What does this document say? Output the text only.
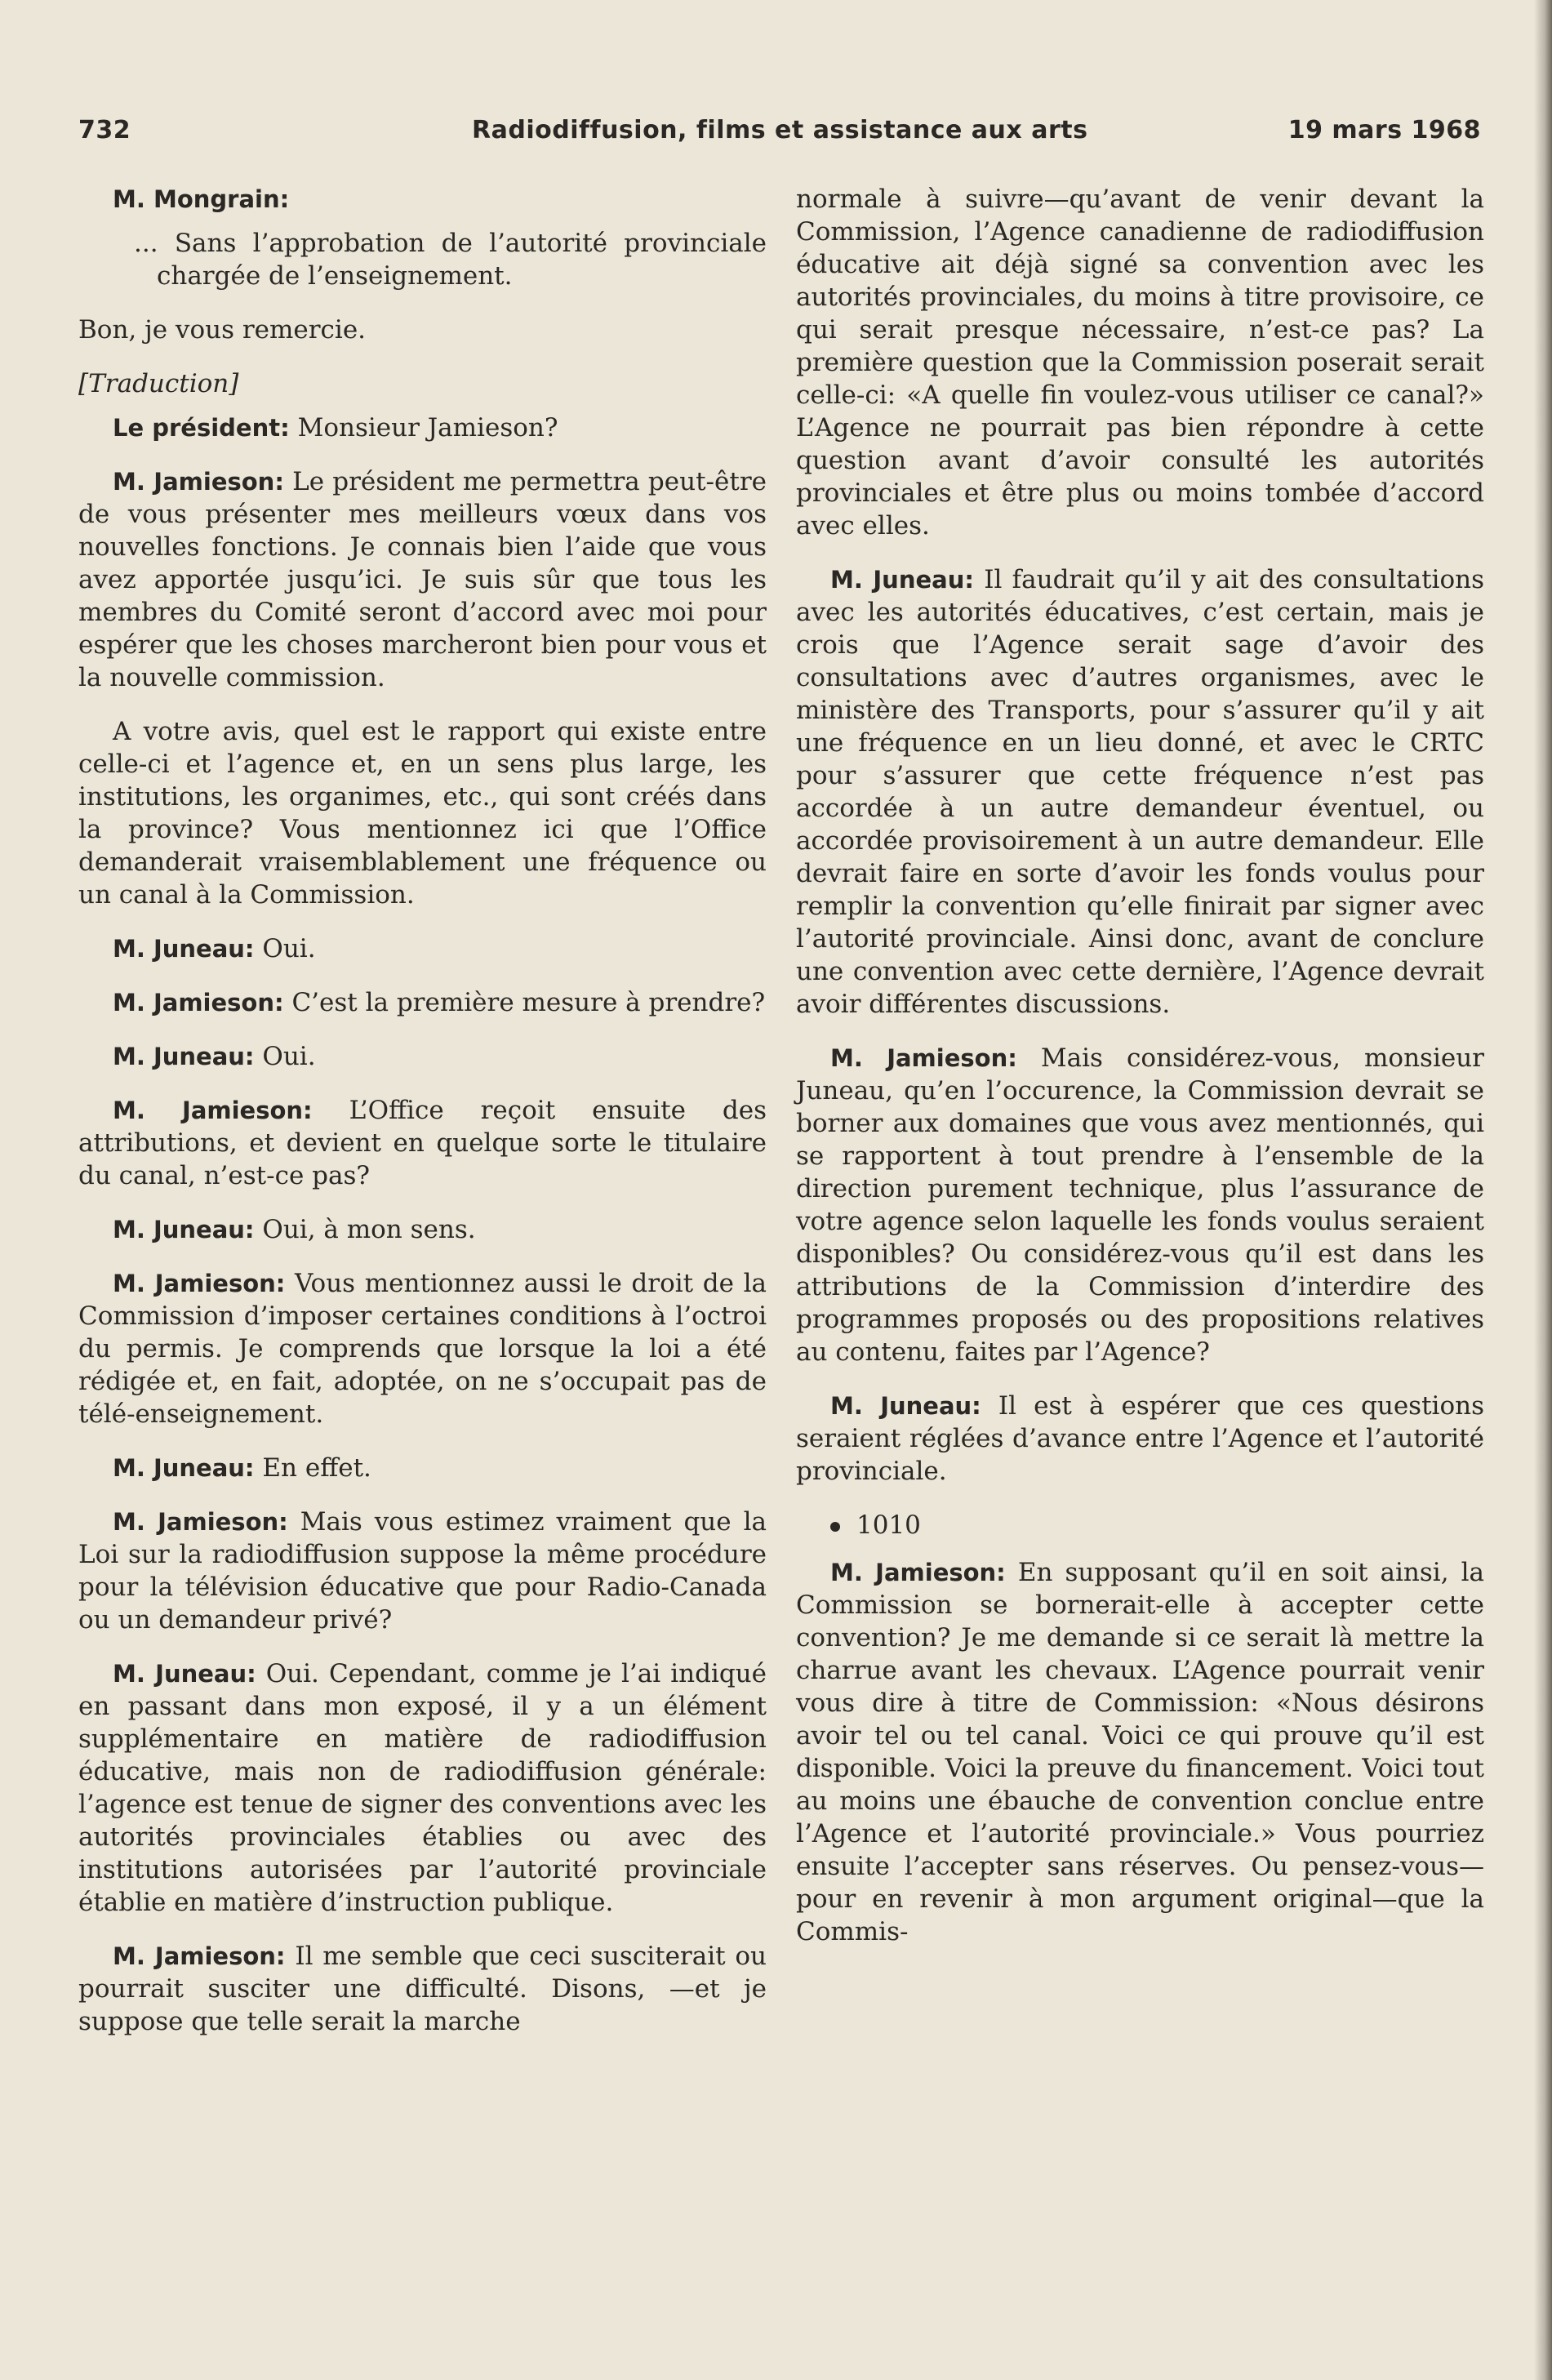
732	Radiodiffusion, films et assistance aux arts	19 mars 1968

M. Mongrain:

... Sans l’approbation de l’autorité provinciale chargée de l’enseignement.

Bon, je vous remercie.

[Traduction]

Le président: Monsieur Jamieson?

M. Jamieson: Le président me permettra peut-être de vous présenter mes meilleurs vœux dans vos nouvelles fonctions. Je connais bien l’aide que vous avez apportée jusqu’ici. Je suis sûr que tous les membres du Comité seront d’accord avec moi pour espérer que les choses marcheront bien pour vous et la nouvelle commission.

A votre avis, quel est le rapport qui existe entre celle-ci et l’agence et, en un sens plus large, les institutions, les organimes, etc., qui sont créés dans la province? Vous mentionnez ici que l’Office demanderait vraisemblablement une fréquence ou un canal à la Commission.

M. Juneau: Oui.

M. Jamieson: C’est la première mesure à prendre?

M. Juneau: Oui.

M. Jamieson: L’Office reçoit ensuite des attributions, et devient en quelque sorte le titulaire du canal, n’est-ce pas?

M. Juneau: Oui, à mon sens.

M. Jamieson: Vous mentionnez aussi le droit de la Commission d’imposer certaines conditions à l’octroi du permis. Je comprends que lorsque la loi a été rédigée et, en fait, adoptée, on ne s’occupait pas de télé-enseignement.

M. Juneau: En effet.

M. Jamieson: Mais vous estimez vraiment que la Loi sur la radiodiffusion suppose la même procédure pour la télévision éducative que pour Radio-Canada ou un demandeur privé?

M. Juneau: Oui. Cependant, comme je l’ai indiqué en passant dans mon exposé, il y a un élément supplémentaire en matière de radiodiffusion éducative, mais non de radiodiffusion générale: l’agence est tenue de signer des conventions avec les autorités provinciales établies ou avec des institutions autorisées par l’autorité provinciale établie en matière d’instruction publique.

M. Jamieson: Il me semble que ceci susciterait ou pourrait susciter une difficulté. Disons, —et je suppose que telle serait la marche

normale à suivre—qu’avant de venir devant la Commission, l’Agence canadienne de radiodiffusion éducative ait déjà signé sa convention avec les autorités provinciales, du moins à titre provisoire, ce qui serait presque nécessaire, n’est-ce pas? La première question que la Commission poserait serait celle-ci: «A quelle fin voulez-vous utiliser ce canal?» L’Agence ne pourrait pas bien répondre à cette question avant d’avoir consulté les autorités provinciales et être plus ou moins tombée d’accord avec elles.

M. Juneau: Il faudrait qu’il y ait des consultations avec les autorités éducatives, c’est certain, mais je crois que l’Agence serait sage d’avoir des consultations avec d’autres organismes, avec le ministère des Transports, pour s’assurer qu’il y ait une fréquence en un lieu donné, et avec le CRTC pour s’assurer que cette fréquence n’est pas accordée à un autre demandeur éventuel, ou accordée provisoirement à un autre demandeur. Elle devrait faire en sorte d’avoir les fonds voulus pour remplir la convention qu’elle finirait par signer avec l’autorité provinciale. Ainsi donc, avant de conclure une convention avec cette dernière, l’Agence devrait avoir différentes discussions.

M. Jamieson: Mais considérez-vous, monsieur Juneau, qu’en l’occurence, la Commission devrait se borner aux domaines que vous avez mentionnés, qui se rapportent à tout prendre à l’ensemble de la direction purement technique, plus l’assurance de votre agence selon laquelle les fonds voulus seraient disponibles? Ou considérez-vous qu’il est dans les attributions de la Commission d’interdire des programmes proposés ou des propositions relatives au contenu, faites par l’Agence?

M. Juneau: Il est à espérer que ces questions seraient réglées d’avance entre l’Agence et l’autorité provinciale.

1010

M. Jamieson: En supposant qu’il en soit ainsi, la Commission se bornerait-elle à accepter cette convention? Je me demande si ce serait là mettre la charrue avant les chevaux. L’Agence pourrait venir vous dire à titre de Commission: «Nous désirons avoir tel ou tel canal. Voici ce qui prouve qu’il est disponible. Voici la preuve du financement. Voici tout au moins une ébauche de convention conclue entre l’Agence et l’autorité provinciale.» Vous pourriez ensuite l’accepter sans réserves. Ou pensez-vous—pour en revenir à mon argument original—que la Commis-
